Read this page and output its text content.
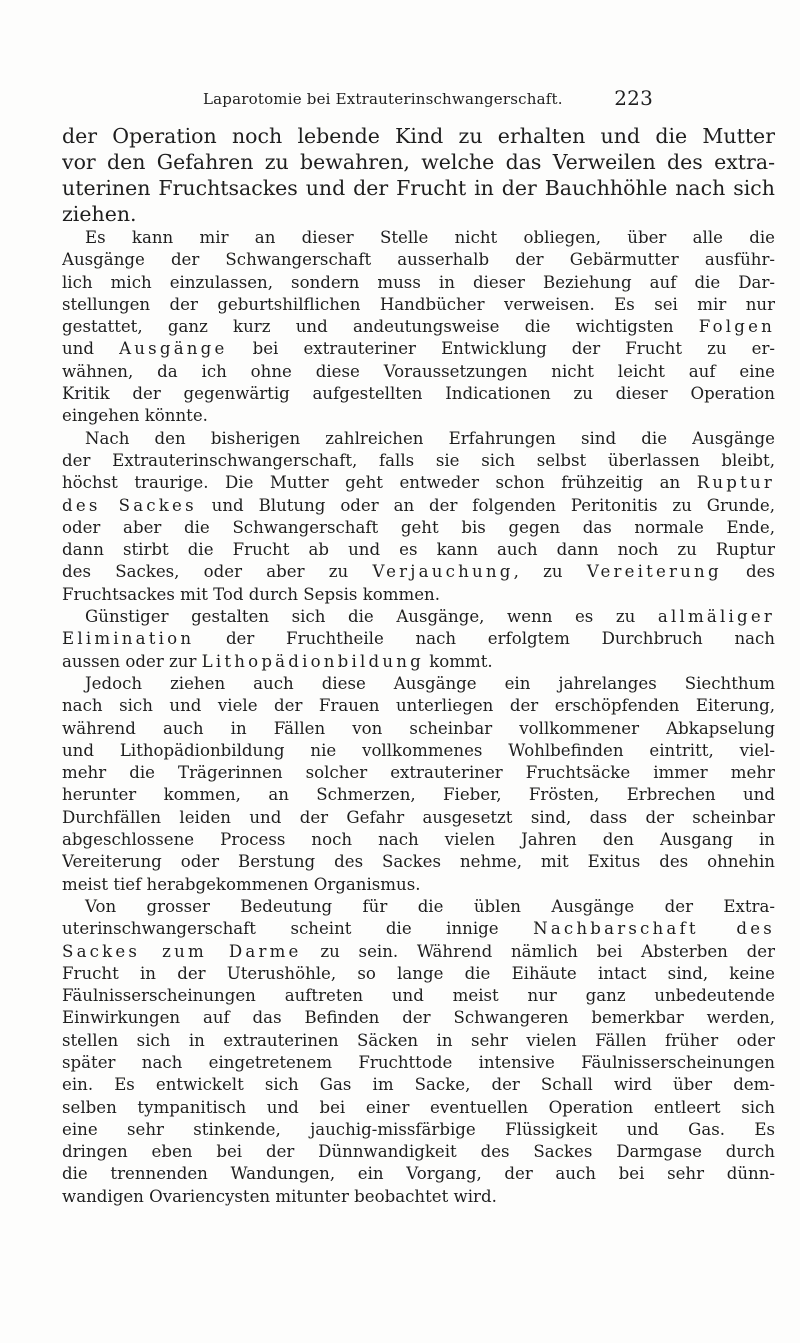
Laparotomie bei Extrauterinschwangerschaft.	223
der Operation noch lebende Kind zu erhalten und die Mutter
vor den Gefahren zu bewahren, welche das Verweilen des extra-
uterinen Fruchtsackes und der Frucht in der Bauchhöhle nach sich
ziehen.
Es kann mir an dieser Stelle nicht obliegen, über alle die
Ausgänge der Schwangerschaft ausserhalb der Gebärmutter ausführ-
lich mich einzulassen, sondern muss in dieser Beziehung auf die Dar-
stellungen der geburtshilflichen Handbücher verweisen. Es sei mir nur
gestattet, ganz kurz und andeutungsweise die wichtigsten Folgen
und Ausgänge bei extrauteriner Entwicklung der Frucht zu er-
wähnen, da ich ohne diese Voraussetzungen nicht leicht auf eine
Kritik der gegenwärtig aufgestellten Indicationen zu dieser Operation
eingehen könnte.
Nach den bisherigen zahlreichen Erfahrungen sind die Ausgänge
der Extrauterinschwangerschaft, falls sie sich selbst überlassen bleibt,
höchst traurige. Die Mutter geht entweder schon frühzeitig an Ruptur
des Sackes und Blutung oder an der folgenden Peritonitis zu Grunde,
oder aber die Schwangerschaft geht bis gegen das normale Ende,
dann stirbt die Frucht ab und es kann auch dann noch zu Ruptur
des Sackes, oder aber zu Verjauchung, zu Vereiterung des
Fruchtsackes mit Tod durch Sepsis kommen.
Günstiger gestalten sich die Ausgänge, wenn es zu allmäliger
Elimination der Fruchtheile nach erfolgtem Durchbruch nach
aussen oder zur Lithopädionbildung kommt.
Jedoch ziehen auch diese Ausgänge ein jahrelanges Siechthum
nach sich und viele der Frauen unterliegen der erschöpfenden Eiterung,
während auch in Fällen von scheinbar vollkommener Abkapselung
und Lithopädionbildung nie vollkommenes Wohlbefinden eintritt, viel-
mehr die Trägerinnen solcher extrauteriner Fruchtsäcke immer mehr
herunter kommen, an Schmerzen, Fieber, Frösten, Erbrechen und
Durchfällen leiden und der Gefahr ausgesetzt sind, dass der scheinbar
abgeschlossene Process noch nach vielen Jahren den Ausgang in
Vereiterung oder Berstung des Sackes nehme, mit Exitus des ohnehin
meist tief herabgekommenen Organismus.
Von grosser Bedeutung für die üblen Ausgänge der Extra-
uterinschwangerschaft scheint die innige Nachbarschaft des
Sackes zum Darme zu sein. Während nämlich bei Absterben der
Frucht in der Uterushöhle, so lange die Eihäute intact sind, keine
Fäulnisserscheinungen auftreten und meist nur ganz unbedeutende
Einwirkungen auf das Befinden der Schwangeren bemerkbar werden,
stellen sich in extrauterinen Säcken in sehr vielen Fällen früher oder
später nach eingetretenem Fruchttode intensive Fäulnisserscheinungen
ein. Es entwickelt sich Gas im Sacke, der Schall wird über dem-
selben tympanitisch und bei einer eventuellen Operation entleert sich
eine sehr stinkende, jauchig-missfärbige Flüssigkeit und Gas. Es
dringen eben bei der Dünnwandigkeit des Sackes Darmgase durch
die trennenden Wandungen, ein Vorgang, der auch bei sehr dünn-
wandigen Ovariencysten mitunter beobachtet wird.
